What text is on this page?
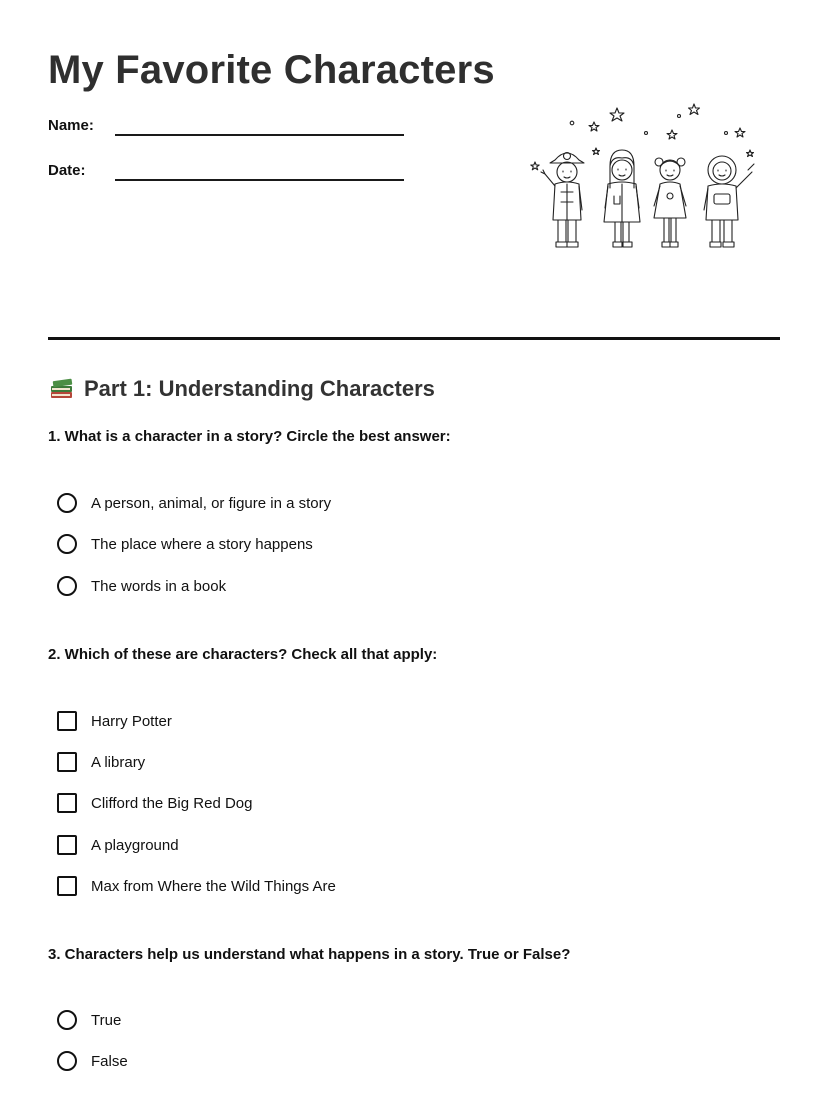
My Favorite Characters
Name:
Date:
Part 1: Understanding Characters
1. What is a character in a story? Circle the best answer:
A person, animal, or figure in a story
The place where a story happens
The words in a book
2. Which of these are characters? Check all that apply:
Harry Potter
A library
Clifford the Big Red Dog
A playground
Max from Where the Wild Things Are
3. Characters help us understand what happens in a story. True or False?
True
False
